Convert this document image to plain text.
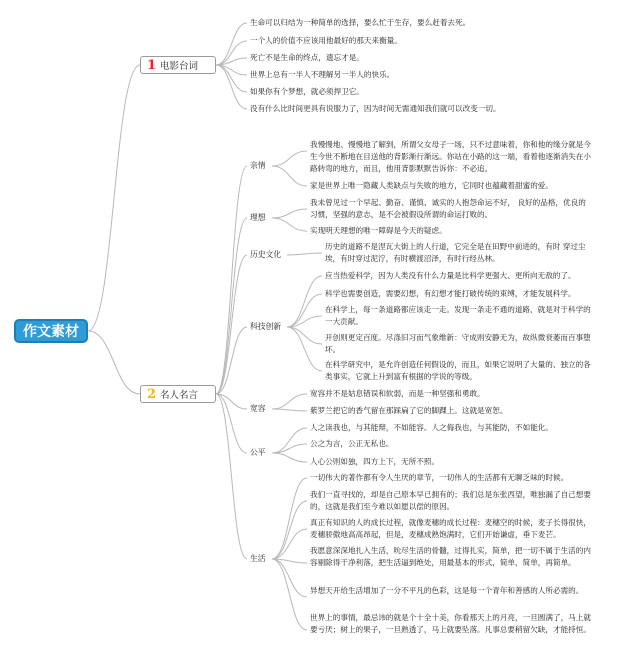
作文素材
1 电影台词
2 名人名言
生命可以归结为一种简单的选择，要么忙于生存，要么赶着去死。
一个人的价值不应该用他最好的那天来衡量。
死亡不是生命的终点，遗忘才是。
世界上总有一半人不理解另一半人的快乐。
如果你有个梦想，就必须捍卫它。
没有什么比时间更具有说服力了，因为时间无需通知我们就可以改变一切。
亲情
理想
历史文化
科技创新
宽容
公平
生活
我慢慢地、慢慢地了解到，所谓父女母子一场，只不过意味着，你和他的缘分就是今生今世不断地在目送他的背影渐行渐远。你站在小路的这一端，看着他逐渐消失在小路转弯的地方，而且，他用背影默默告诉你：不必追。
家是世界上唯一隐藏人类缺点与失败的地方，它同时也蕴藏着甜蜜的爱。
我未曾见过一个早起、勤奋、谨慎、诚实的人抱怨命运不好， 良好的品格，优良的习惯，坚强的意志，是不会被假设所谓的命运打败的。
实现明天理想的唯一障碍是今天的疑虑。
历史的道路不是涅瓦大街上的人行道，它完全是在田野中前进的，有时 穿过尘埃，有时穿过泥泞，有时横渡沼泽，有时行经丛林。
应当热爱科学，因为人类没有什么力量是比科学更强大、更所向无敌的了。
科学也需要创造，需要幻想，有幻想才能打破传统的束缚，才能发展科学。
在科学上，每一条道路都应该走一走。发现一条走不通的道路，就是对于科学的一大贡献。
开创则更定百度。尽涤旧习而气象维新：守成则安静无为，故纵微衰萎而百事堕坏。
在科学研究中，是允许创造任何假设的，而且，如果它说明了大量的、独立的各类事实，它就上升到富有根据的学说的等级。
宽容并不是姑息错误和软弱，而是一种坚强和勇敢。
紫罗兰把它的香气留在那踩扁了它的脚踝上。这就是宽恕。
人之读我也，与其能辩，不如能容。人之侮我也，与其能防，不如能化。
公之为言，公正无私也。
人心公则如独，四方上下，无所不照。
一切伟大的著作都有令人生厌的章节，一切伟人的生活都有无聊乏味的时候。
我们一直寻找的，却是自己原本早已拥有的；我们总是东张西望，唯独漏了自己想要的，这就是我们至今难以如愿以偿的原因。
真正有知识的人的成长过程，就像麦穗的成长过程：麦穗空的时候，麦子长得很快，麦穗骄傲地高高昂起，但是，麦穗成熟饱满时，它们开始谦虚，垂下麦芒。
我愿意深深地扎入生活，吮尽生活的骨髓，过得扎实，简单，把一切不属于生活的内容剔除得干净利落，把生活逼到绝处，用最基本的形式，简单，简单，再简单。
异想天开给生活增加了一分不平凡的色彩，这是每一个青年和善感的人所必需的。
世界上的事情，最忌讳的就是个十全十美，你看那天上的月亮，一旦圆满了，马上就要亏厌；树上的果子，一旦熟透了，马上就要坠落。凡事总要稍留欠缺，才能持恒。
